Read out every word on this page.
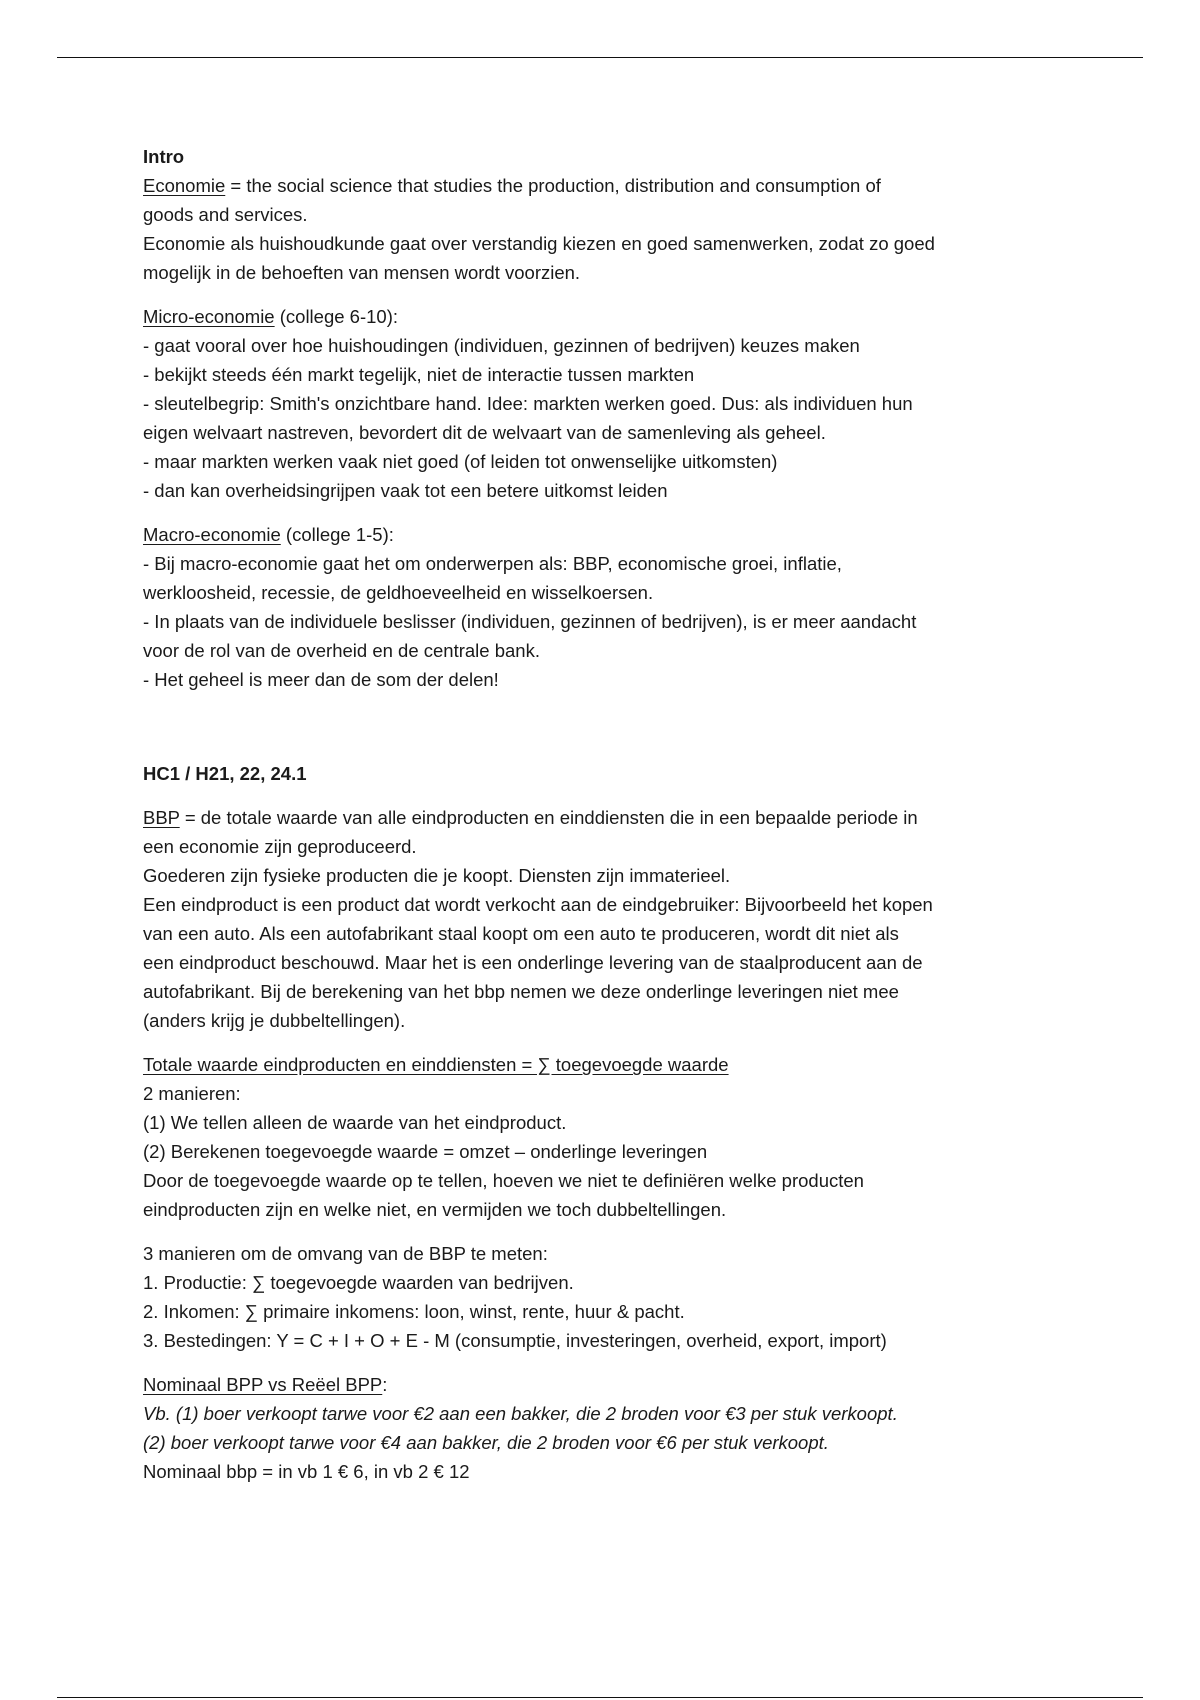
Intro
Economie = the social science that studies the production, distribution and consumption of
goods and services.
Economie als huishoudkunde gaat over verstandig kiezen en goed samenwerken, zodat zo goed
mogelijk in de behoeften van mensen wordt voorzien.
Micro-economie (college 6-10):
- gaat vooral over hoe huishoudingen (individuen, gezinnen of bedrijven) keuzes maken
- bekijkt steeds één markt tegelijk, niet de interactie tussen markten
- sleutelbegrip: Smith's onzichtbare hand. Idee: markten werken goed. Dus: als individuen hun
eigen welvaart nastreven, bevordert dit de welvaart van de samenleving als geheel.
- maar markten werken vaak niet goed (of leiden tot onwenselijke uitkomsten)
- dan kan overheidsingrijpen vaak tot een betere uitkomst leiden
Macro-economie (college 1-5):
- Bij macro-economie gaat het om onderwerpen als: BBP, economische groei, inflatie,
werkloosheid, recessie, de geldhoeveelheid en wisselkoersen.
- In plaats van de individuele beslisser (individuen, gezinnen of bedrijven), is er meer aandacht
voor de rol van de overheid en de centrale bank.
- Het geheel is meer dan de som der delen!
HC1 / H21, 22, 24.1
BBP = de totale waarde van alle eindproducten en einddiensten die in een bepaalde periode in
een economie zijn geproduceerd.
Goederen zijn fysieke producten die je koopt. Diensten zijn immaterieel.
Een eindproduct is een product dat wordt verkocht aan de eindgebruiker: Bijvoorbeeld het kopen
van een auto. Als een autofabrikant staal koopt om een auto te produceren, wordt dit niet als
een eindproduct beschouwd. Maar het is een onderlinge levering van de staalproducent aan de
autofabrikant. Bij de berekening van het bbp nemen we deze onderlinge leveringen niet mee
(anders krijg je dubbeltellingen).
Totale waarde eindproducten en einddiensten = ∑ toegevoegde waarde
2 manieren:
(1) We tellen alleen de waarde van het eindproduct.
(2) Berekenen toegevoegde waarde = omzet – onderlinge leveringen
Door de toegevoegde waarde op te tellen, hoeven we niet te definiëren welke producten
eindproducten zijn en welke niet, en vermijden we toch dubbeltellingen.
3 manieren om de omvang van de BBP te meten:
1. Productie: ∑ toegevoegde waarden van bedrijven.
2. Inkomen: ∑ primaire inkomens: loon, winst, rente, huur & pacht.
3. Bestedingen: Y = C + I + O + E - M (consumptie, investeringen, overheid, export, import)
Nominaal BPP vs Reëel BPP:
Vb. (1) boer verkoopt tarwe voor €2 aan een bakker, die 2 broden voor €3 per stuk verkoopt.
(2) boer verkoopt tarwe voor €4 aan bakker, die 2 broden voor €6 per stuk verkoopt.
Nominaal bbp = in vb 1 € 6, in vb 2 € 12
